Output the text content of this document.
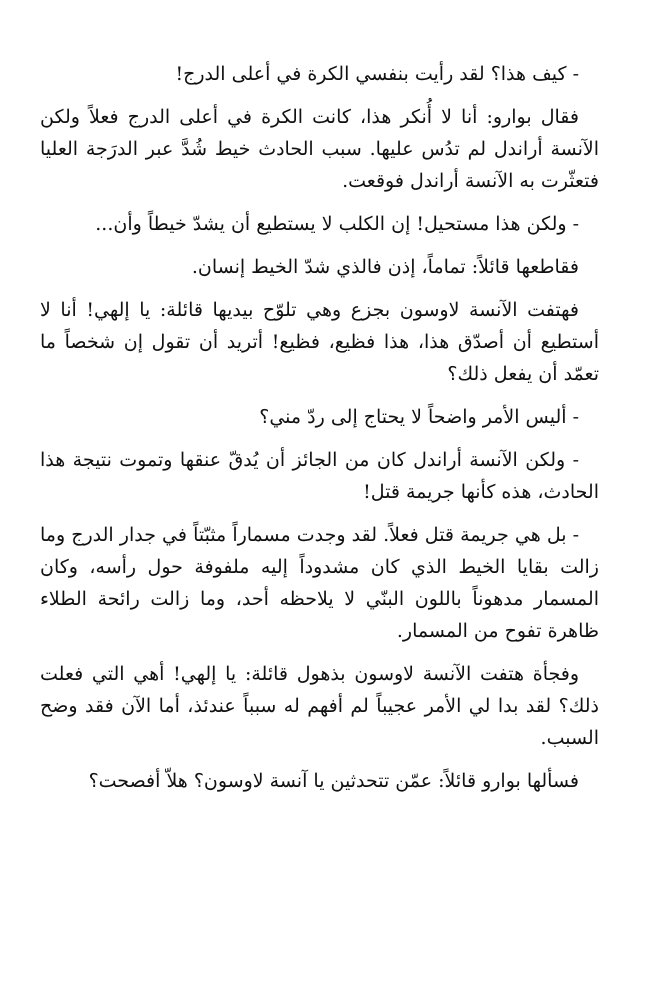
- كيف هذا؟ لقد رأيت بنفسي الكرة في أعلى الدرج!

فقال بوارو: أنا لا أُنكر هذا، كانت الكرة في أعلى الدرج فعلاً ولكن الآنسة أراندل لم تدُس عليها. سبب الحادث خيط شُدَّ عبر الدرَجة العليا فتعثّرت به الآنسة أراندل فوقعت.

- ولكن هذا مستحيل! إن الكلب لا يستطيع أن يشدّ خيطاً وأن...

فقاطعها قائلاً: تماماً، إذن فالذي شدّ الخيط إنسان.

فهتفت الآنسة لاوسون بجزع وهي تلوّح بيديها قائلة: يا إلهي! أنا لا أستطيع أن أصدّق هذا، هذا فظيع، فظيع! أتريد أن تقول إن شخصاً ما تعمّد أن يفعل ذلك؟

- أليس الأمر واضحاً لا يحتاج إلى ردّ مني؟

- ولكن الآنسة أراندل كان من الجائز أن يُدقّ عنقها وتموت نتيجة هذا الحادث، هذه كأنها جريمة قتل!

- بل هي جريمة قتل فعلاً. لقد وجدت مسماراً مثبّتاً في جدار الدرج وما زالت بقايا الخيط الذي كان مشدوداً إليه ملفوفة حول رأسه، وكان المسمار مدهوناً باللون البنّي لا يلاحظه أحد، وما زالت رائحة الطلاء ظاهرة تفوح من المسمار.

وفجأة هتفت الآنسة لاوسون بذهول قائلة: يا إلهي! أهي التي فعلت ذلك؟ لقد بدا لي الأمر عجيباً لم أفهم له سبباً عندئذ، أما الآن فقد وضح السبب.

فسألها بوارو قائلاً: عمّن تتحدثين يا آنسة لاوسون؟ هلاّ أفصحت؟
